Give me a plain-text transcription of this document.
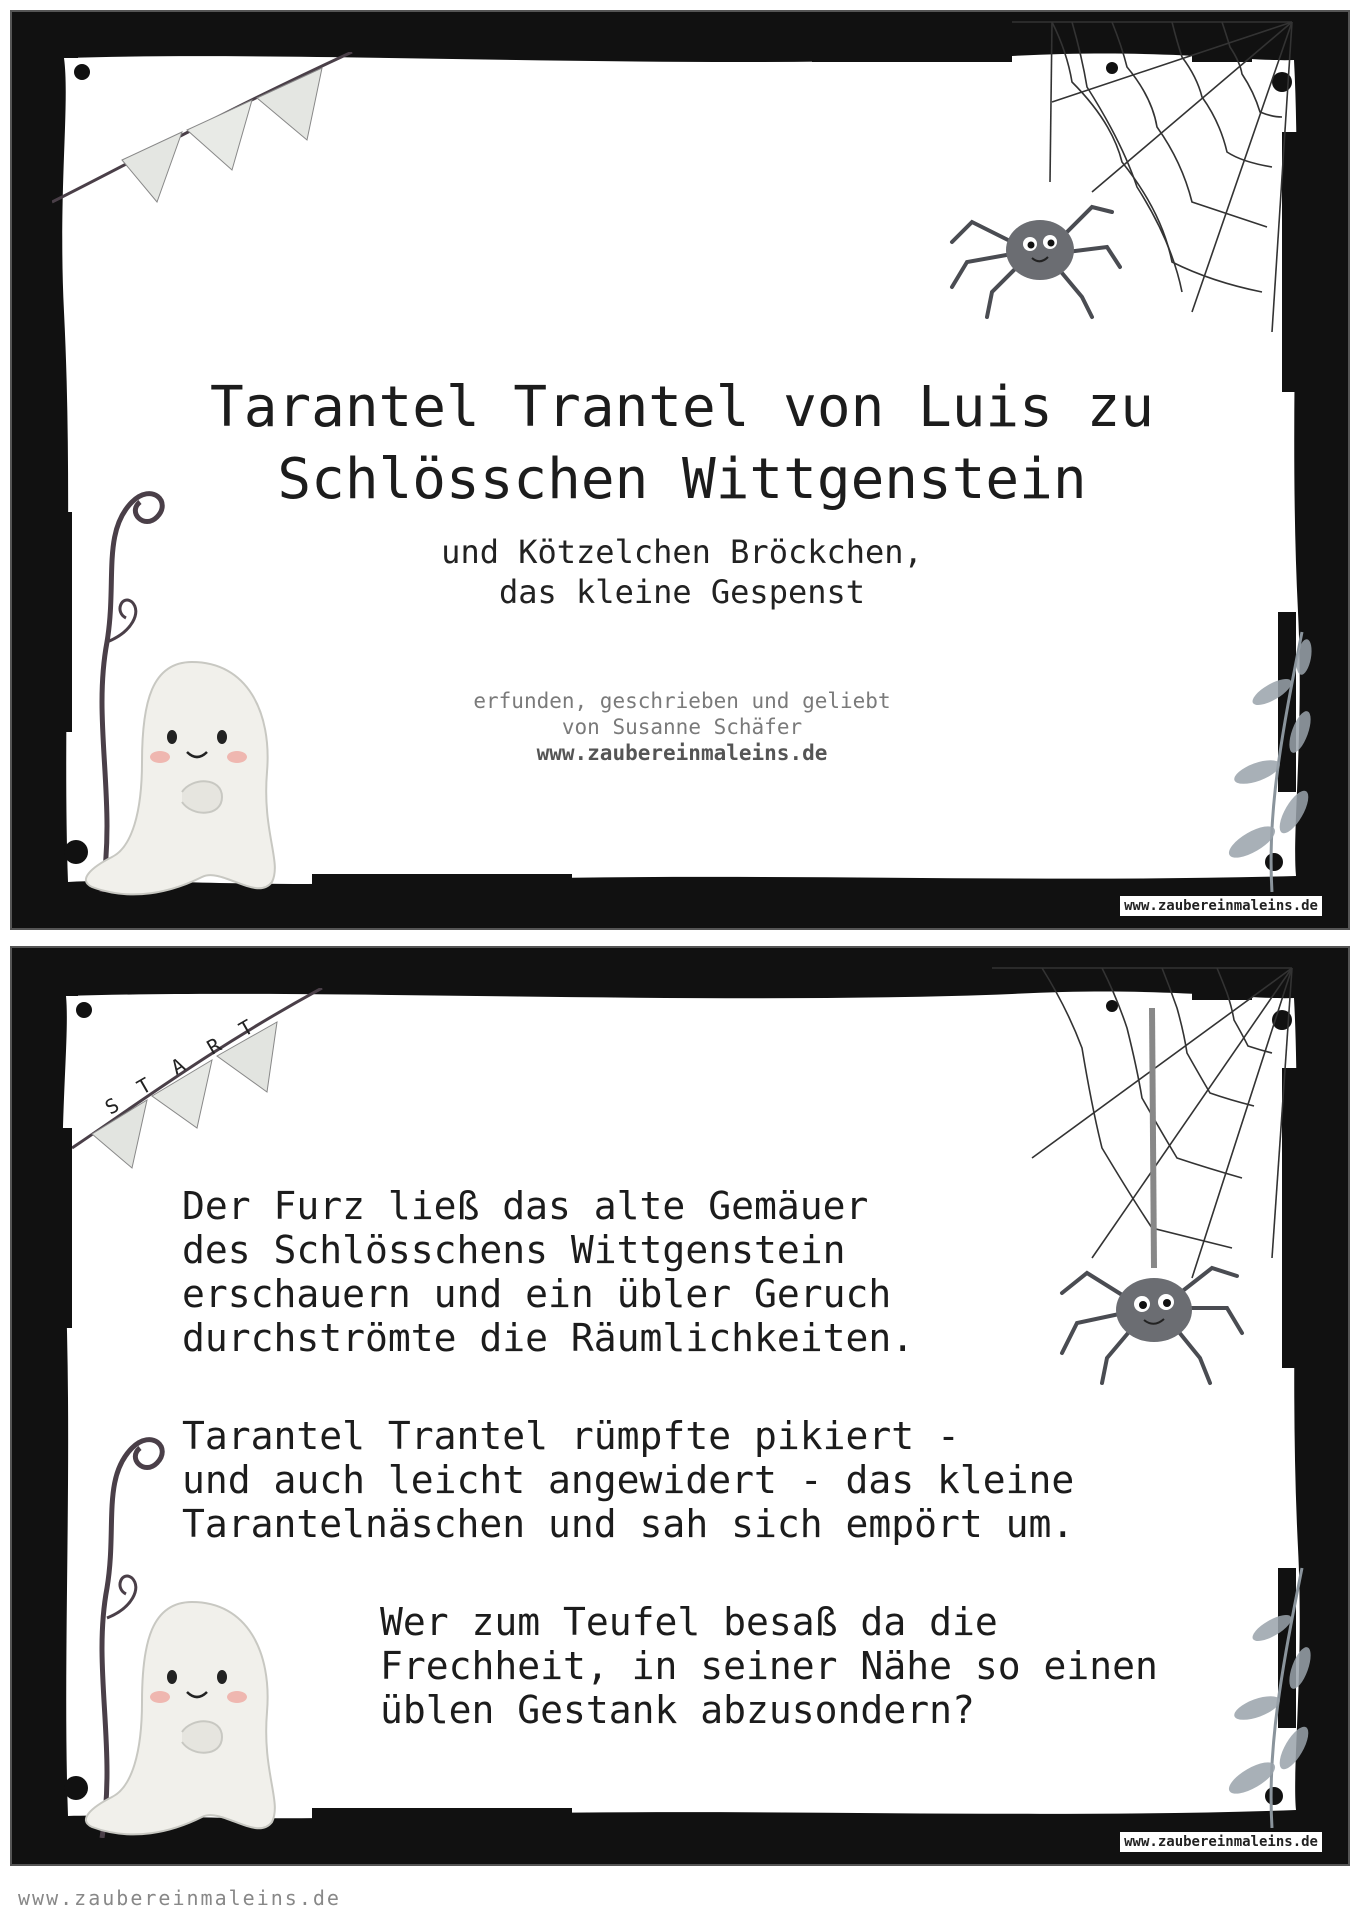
Tarantel Trantel von Luis zu
Schlösschen Wittgenstein
und Kötzelchen Bröckchen,
das kleine Gespenst
erfunden, geschrieben und geliebt
von Susanne Schäfer
www.zaubereinmaleins.de
www.zaubereinmaleins.de
S
T
A
R
T
Der Furz ließ das alte Gemäuer
des Schlösschens Wittgenstein
erschauern und ein übler Geruch
durchströmte die Räumlichkeiten.
Tarantel Trantel rümpfte pikiert -
und auch leicht angewidert - das kleine
Tarantelnäschen und sah sich empört um.
Wer zum Teufel besaß da die
Frechheit, in seiner Nähe so einen
üblen Gestank abzusondern?
www.zaubereinmaleins.de
www.zaubereinmaleins.de
